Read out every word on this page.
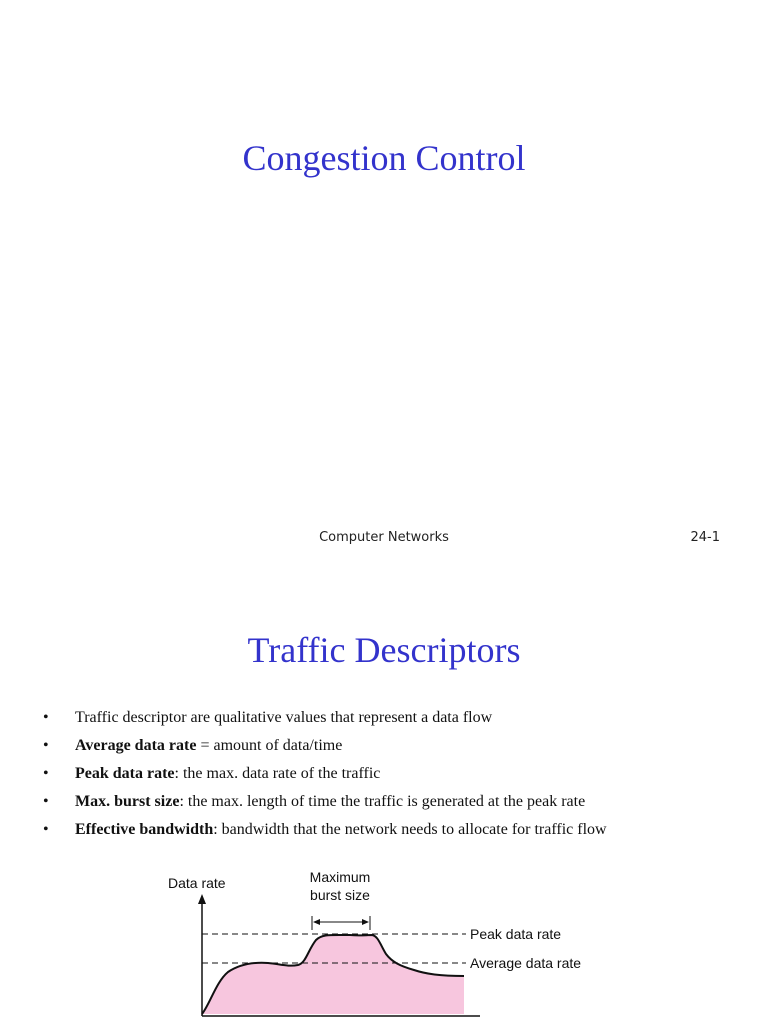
Congestion Control
Computer Networks	24-1
Traffic Descriptors
• Traffic descriptor are qualitative values that represent a data flow
• Average data rate = amount of data/time
• Peak data rate: the max. data rate of the traffic
• Max. burst size: the max. length of time the traffic is generated at the peak rate
• Effective bandwidth: bandwidth that the network needs to allocate for traffic flow
Data rate	Maximum
burst size
Peak data rate
Average data rate
